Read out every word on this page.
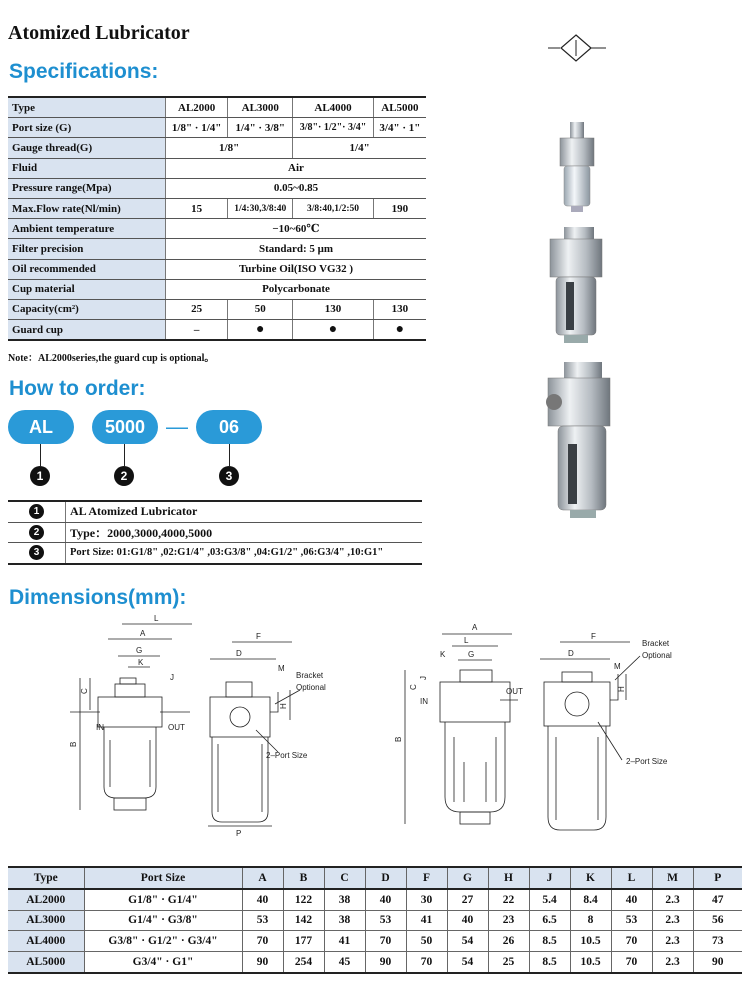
Atomized Lubricator
Specifications:
Type	AL2000	AL3000	AL4000	AL5000
Port size (G)	1/8" · 1/4"	1/4" · 3/8"	3/8"· 1/2"· 3/4"	3/4" · 1"
Gauge thread(G)	1/8"		1/4"	
Fluid	Air			
Pressure range(Mpa)	0.05~0.85			
Max.Flow rate(Nl/min)	15	1/4:30,3/8:40	3/8:40,1/2:50	190
Ambient temperature	−10~60℃			
Filter precision	Standard: 5 μm			
Oil recommended	Turbine Oil(ISO VG32 )			
Cup material	Polycarbonate			
Capacity(cm²)	25	50	130	130
Guard cup	–	●	●	●
Note：AL2000series,the guard cup is optional。
How to order:
AL	5000 —	06
1	2	3
1	AL Atomized Lubricator

2	Type：2000,3000,4000,5000

3	Port Size: 01:G1/8" ,02:G1/4" ,03:G3/8" ,04:G1/2" ,06:G3/4" ,10:G1"
Dimensions(mm):
B
C
L
A
G
K
J
IN	OUT
D
F
M
H
Bracket
Optional
2–Port Size
P
A
L
G
K
B
C
J
IN
OUT
D
F
M
H
Bracket
Optional
2–Port Size
Type	Port Size	A	B	C	D	F	G	H	J	K	L	M	P
AL2000	G1/8" · G1/4"	40	122	38	40	30	27	22	5.4	8.4	40	2.3	47
AL3000	G1/4" · G3/8"	53	142	38	53	41	40	23	6.5	8	53	2.3	56
AL4000	G3/8" · G1/2" · G3/4"	70	177	41	70	50	54	26	8.5	10.5	70	2.3	73
AL5000	G3/4" · G1"	90	254	45	90	70	54	25	8.5	10.5	70	2.3	90
